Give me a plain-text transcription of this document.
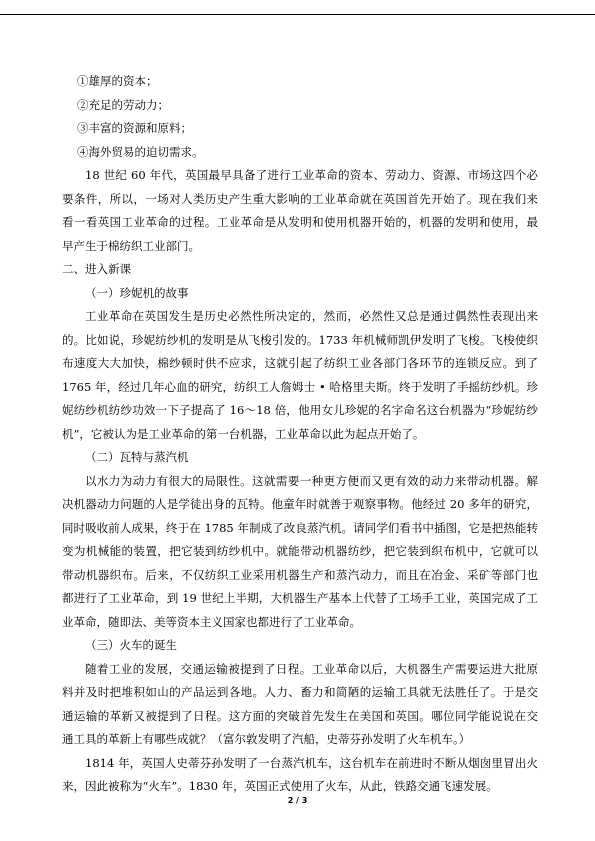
①雄厚的资本；
②充足的劳动力；
③丰富的资源和原料；
④海外贸易的迫切需求。
18 世纪 60 年代，英国最早具备了进行工业革命的资本、劳动力、资源、市场这四个必
要条件，所以，一场对人类历史产生重大影响的工业革命就在英国首先开始了。现在我们来
看一看英国工业革命的过程。工业革命是从发明和使用机器开始的，机器的发明和使用，最
早产生于棉纺织工业部门。
二、进入新课
（一）珍妮机的故事
工业革命在英国发生是历史必然性所决定的，然而，必然性又总是通过偶然性表现出来
的。比如说，珍妮纺纱机的发明是从飞梭引发的。1733 年机械师凯伊发明了飞梭。飞梭使织
布速度大大加快，棉纱顿时供不应求，这就引起了纺织工业各部门各环节的连锁反应。到了
1765 年，经过几年心血的研究，纺织工人詹姆士 • 哈格里夫斯。终于发明了手摇纺纱机。珍
妮纺纱机纺纱功效一下子提高了 16～18 倍，他用女儿珍妮的名字命名这台机器为“珍妮纺纱
机”，它被认为是工业革命的第一台机器，工业革命以此为起点开始了。
（二）瓦特与蒸汽机
以水力为动力有很大的局限性。这就需要一种更方便而又更有效的动力来带动机器。解
决机器动力问题的人是学徒出身的瓦特。他童年时就善于观察事物。他经过 20 多年的研究，
同时吸收前人成果，终于在 1785 年制成了改良蒸汽机。请同学们看书中插图，它是把热能转
变为机械能的装置，把它装到纺纱机中。就能带动机器纺纱，把它装到织布机中，它就可以
带动机器织布。后来，不仅纺织工业采用机器生产和蒸汽动力，而且在冶金、采矿等部门也
都进行了工业革命，到 19 世纪上半期，大机器生产基本上代替了工场手工业，英国完成了工
业革命，随即法、美等资本主义国家也都进行了工业革命。
（三）火车的诞生
随着工业的发展，交通运输被提到了日程。工业革命以后，大机器生产需要运进大批原
料并及时把堆积如山的产品运到各地。人力、畜力和简陋的运输工具就无法胜任了。于是交
通运输的革新又被提到了日程。这方面的突破首先发生在美国和英国。哪位同学能说说在交
通工具的革新上有哪些成就？（富尔敦发明了汽船，史蒂芬孙发明了火车机车。）
1814 年，英国人史蒂芬孙发明了一台蒸汽机车，这台机车在前进时不断从烟囱里冒出火
来，因此被称为“火车”。1830 年，英国正式使用了火车，从此，铁路交通飞速发展。
2 / 3
